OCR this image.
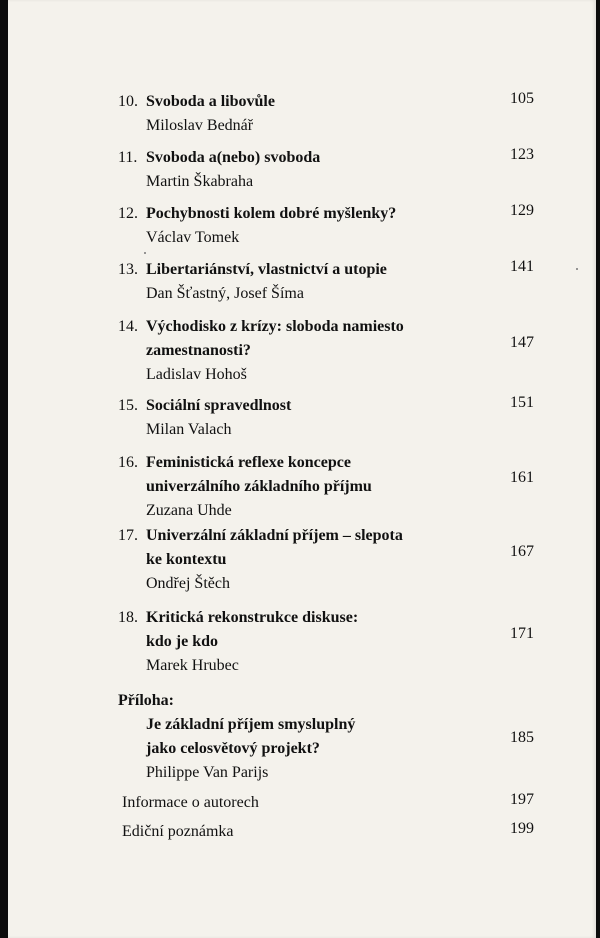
10. Svoboda a libovůle
Miloslav Bednář
105
11. Svoboda a(nebo) svoboda
Martin Škabraha
123
12. Pochybnosti kolem dobré myšlenky?
Václav Tomek
129
13. Libertariánství, vlastnictví a utopie
Dan Šťastný, Josef Šíma
141
14. Východisko z krízy: sloboda namiesto
zamestnanosti?
Ladislav Hohoš
147
15. Sociální spravedlnost
Milan Valach
151
16. Feministická reflexe koncepce
univerzálního základního příjmu
Zuzana Uhde
161
17. Univerzální základní příjem – slepota
ke kontextu
Ondřej Štěch
167
18. Kritická rekonstrukce diskuse:
kdo je kdo
Marek Hrubec
171
Příloha:
Je základní příjem smysluplný
jako celosvětový projekt?
Philippe Van Parijs
185
Informace o autorech	197
Ediční poznámka	199
